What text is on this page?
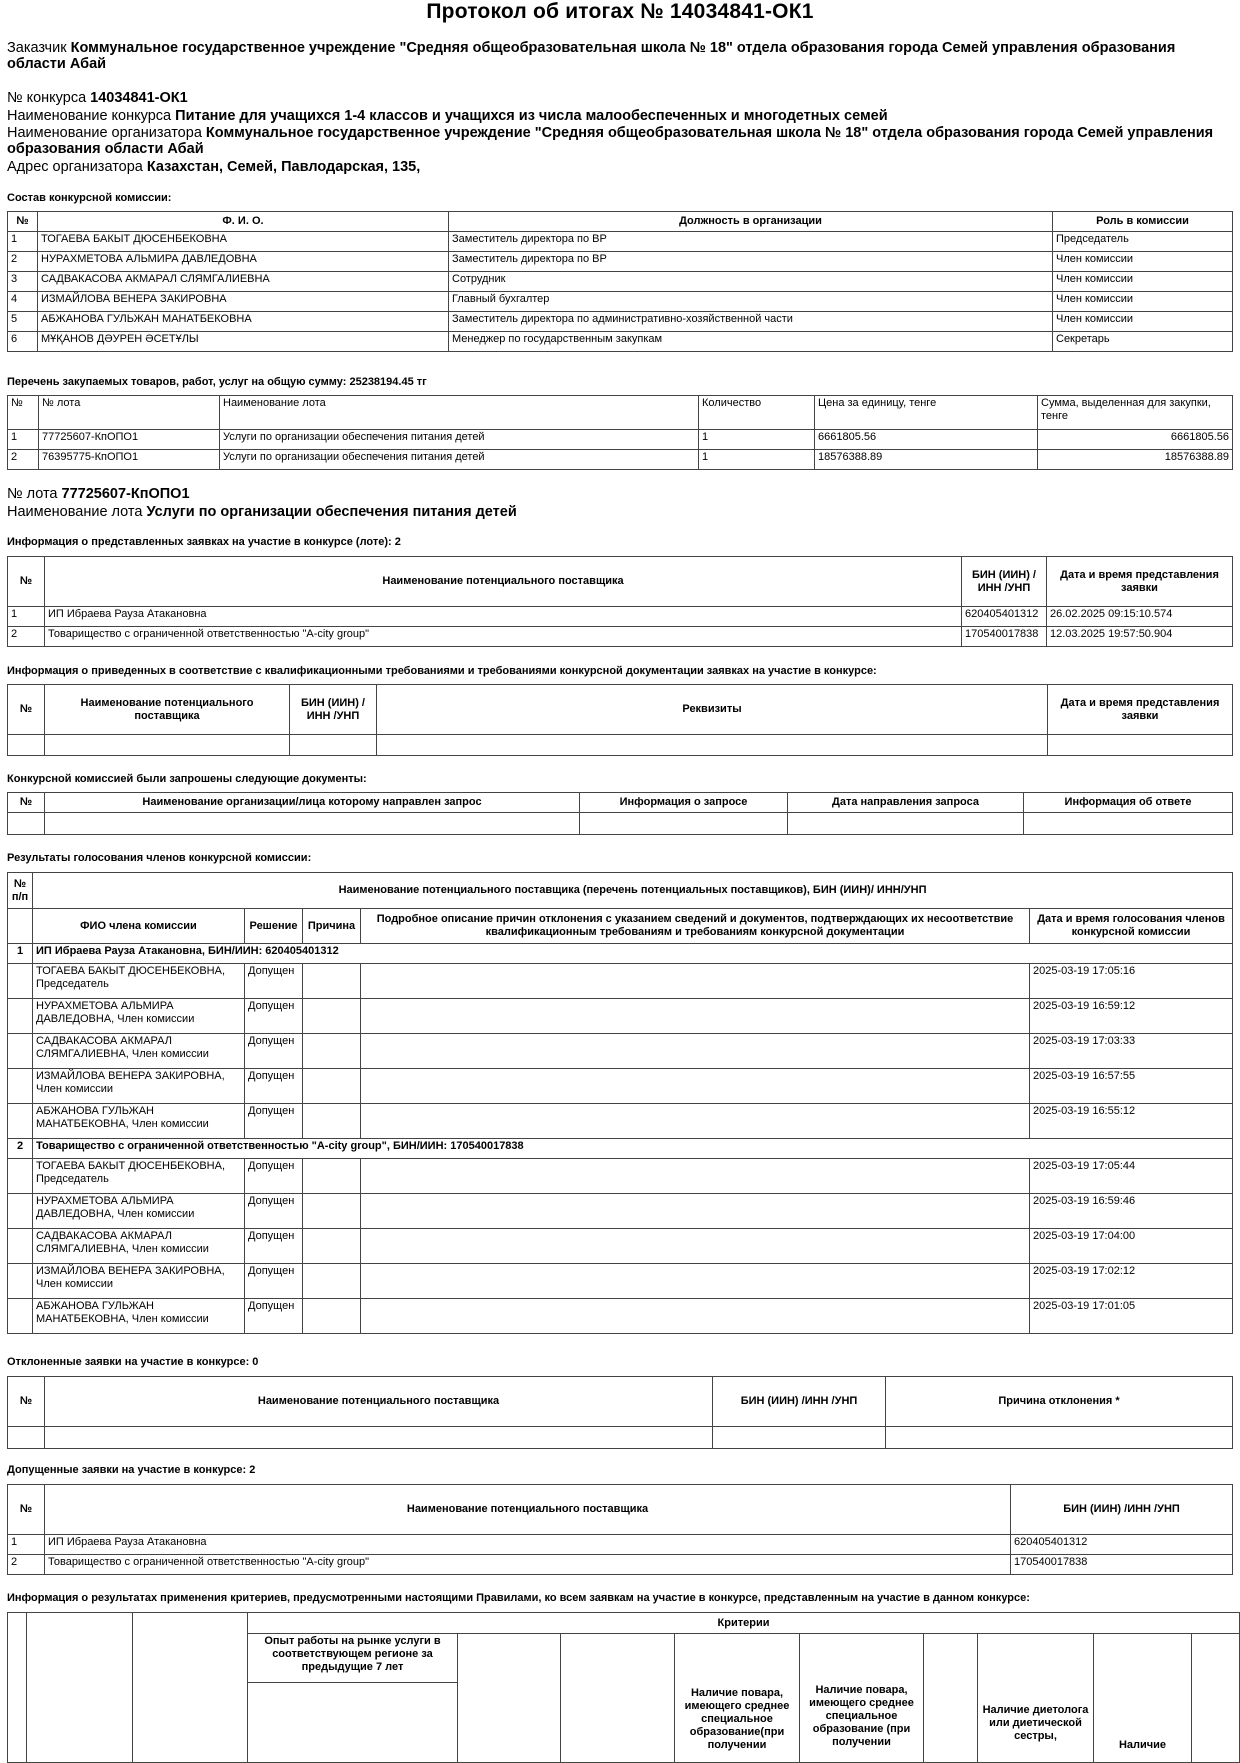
Протокол об итогах № 14034841-ОК1
Заказчик Коммунальное государственное учреждение "Средняя общеобразовательная школа № 18" отдела образования города Семей управления образования области Абай
№ конкурса 14034841-ОК1
Наименование конкурса Питание для учащихся 1-4 классов и учащихся из числа малообеспеченных и многодетных семей
Наименование организатора Коммунальное государственное учреждение "Средняя общеобразовательная школа № 18" отдела образования города Семей управления образования области Абай
Адрес организатора Казахстан, Семей, Павлодарская, 135,
Состав конкурсной комиссии:
№	Ф. И. О.	Должность в организации	Роль в комиссии
1	ТОГАЕВА БАКЫТ ДЮСЕНБЕКОВНА	Заместитель директора по ВР	Председатель
2	НУРАХМЕТОВА АЛЬМИРА ДАВЛЕДОВНА	Заместитель директора по ВР	Член комиссии
3	САДВАКАСОВА АКМАРАЛ СЛЯМГАЛИЕВНА	Сотрудник	Член комиссии
4	ИЗМАЙЛОВА ВЕНЕРА ЗАКИРОВНА	Главный бухгалтер	Член комиссии
5	АБЖАНОВА ГУЛЬЖАН МАНАТБЕКОВНА	Заместитель директора по административно-хозяйственной части	Член комиссии
6	МҰҚАНОВ ДӘУРЕН ӘСЕТҰЛЫ	Менеджер по государственным закупкам	Секретарь
Перечень закупаемых товаров, работ, услуг на общую сумму: 25238194.45 тг
№	№ лота	Наименование лота	Количество	Цена за единицу, тенге	Сумма, выделенная для закупки, тенге
1	77725607-КпОПО1	Услуги по организации обеспечения питания детей	1	6661805.56	6661805.56
2	76395775-КпОПО1	Услуги по организации обеспечения питания детей	1	18576388.89	18576388.89
№ лота 77725607-КпОПО1
Наименование лота Услуги по организации обеспечения питания детей
Информация о представленных заявках на участие в конкурсе (лоте): 2
№	Наименование потенциального поставщика	БИН (ИИН) /ИНН /УНП	Дата и время представления заявки
1	ИП Ибраева Рауза Атакановна	620405401312	26.02.2025 09:15:10.574
2	Товарищество с ограниченной ответственностью "A-city group"	170540017838	12.03.2025 19:57:50.904
Информация о приведенных в соответствие с квалификационными требованиями и требованиями конкурсной документации заявках на участие в конкурсе:
№	Наименование потенциального поставщика	БИН (ИИН) /ИНН /УНП	Реквизиты	Дата и время представления заявки

Конкурсной комиссией были запрошены следующие документы:
№	Наименование организации/лица которому направлен запрос	Информация о запросе	Дата направления запроса	Информация об ответе

Результаты голосования членов конкурсной комиссии:
№ п/п	Наименование потенциального поставщика (перечень потенциальных поставщиков), БИН (ИИН)/ ИНН/УНП				
	ФИО члена комиссии	Решение	Причина	Подробное описание причин отклонения с указанием сведений и документов, подтверждающих их несоответствие квалификационным требованиям и требованиям конкурсной документации	Дата и время голосования членов конкурсной комиссии
1	ИП Ибраева Рауза Атакановна, БИН/ИИН: 620405401312				
	ТОГАЕВА БАКЫТ ДЮСЕНБЕКОВНА, Председатель	Допущен			2025-03-19 17:05:16
	НУРАХМЕТОВА АЛЬМИРА ДАВЛЕДОВНА, Член комиссии	Допущен			2025-03-19 16:59:12
	САДВАКАСОВА АКМАРАЛ СЛЯМГАЛИЕВНА, Член комиссии	Допущен			2025-03-19 17:03:33
	ИЗМАЙЛОВА ВЕНЕРА ЗАКИРОВНА, Член комиссии	Допущен			2025-03-19 16:57:55
	АБЖАНОВА ГУЛЬЖАН МАНАТБЕКОВНА, Член комиссии	Допущен			2025-03-19 16:55:12
2	Товарищество с ограниченной ответственностью "A-city group", БИН/ИИН: 170540017838				
	ТОГАЕВА БАКЫТ ДЮСЕНБЕКОВНА, Председатель	Допущен			2025-03-19 17:05:44
	НУРАХМЕТОВА АЛЬМИРА ДАВЛЕДОВНА, Член комиссии	Допущен			2025-03-19 16:59:46
	САДВАКАСОВА АКМАРАЛ СЛЯМГАЛИЕВНА, Член комиссии	Допущен			2025-03-19 17:04:00
	ИЗМАЙЛОВА ВЕНЕРА ЗАКИРОВНА, Член комиссии	Допущен			2025-03-19 17:02:12
	АБЖАНОВА ГУЛЬЖАН МАНАТБЕКОВНА, Член комиссии	Допущен			2025-03-19 17:01:05
Отклоненные заявки на участие в конкурсе: 0
№	Наименование потенциального поставщика	БИН (ИИН) /ИНН /УНП	Причина отклонения *

Допущенные заявки на участие в конкурсе: 2
№	Наименование потенциального поставщика	БИН (ИИН) /ИНН /УНП
1	ИП Ибраева Рауза Атакановна	620405401312
2	Товарищество с ограниченной ответственностью "A-city group"	170540017838
Информация о результатах применения критериев, предусмотренными настоящими Правилами, ко всем заявкам на участие в конкурсе, представленным на участие в данном конкурсе:
			Критерии								
			Опыт работы на рынке услуги в соответствующем регионе за предыдущие 7 лет			Наличие повара, имеющего среднее специальное образование(при получении	Наличие повара, имеющего среднее специальное образование (при получении		Наличие диетолога или диетической сестры,	Наличие	
